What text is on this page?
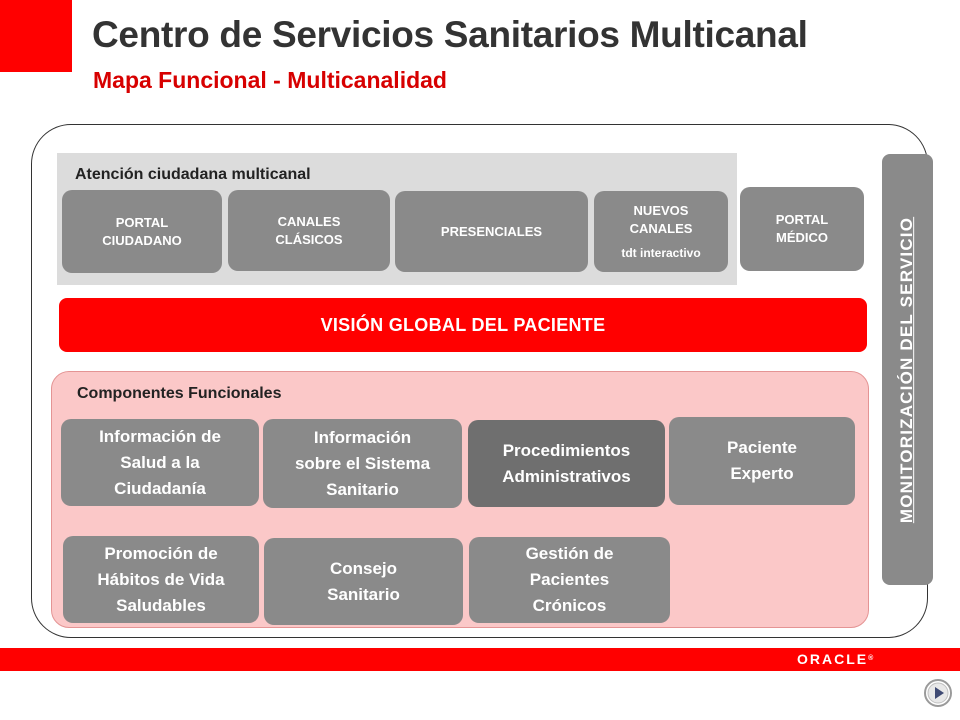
Centro de Servicios Sanitarios Multicanal
Mapa Funcional - Multicanalidad
Atención ciudadana multicanal
PORTAL
CIUDADANO
CANALES
CLÁSICOS
PRESENCIALES
NUEVOS
CANALES
tdt interactivo
PORTAL
MÉDICO
VISIÓN GLOBAL DEL PACIENTE
Componentes Funcionales
Información de
Salud a la
Ciudadanía
Información
sobre el Sistema
Sanitario
Procedimientos
Administrativos
Paciente
Experto
Promoción de
Hábitos de Vida
Saludables
Consejo
Sanitario
Gestión de
Pacientes
Crónicos
MONITORIZACIÓN DEL SERVICIO
ORACLE®
